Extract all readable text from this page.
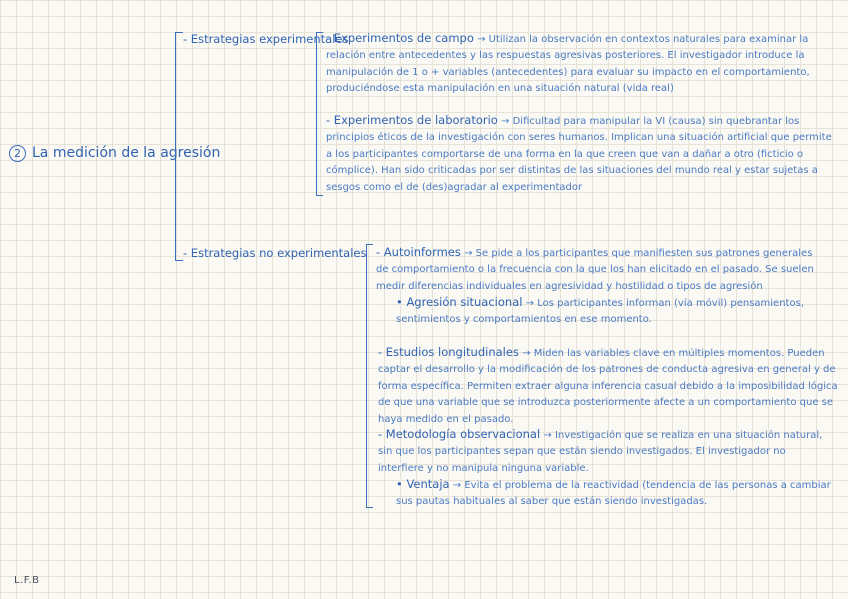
2 La medición de la agresión
- Estrategias experimentales
- Experimentos de campo → Utilizan la observación en contextos naturales para examinar la relación entre antecedentes y las respuestas agresivas posteriores. El investigador introduce la manipulación de 1 o + variables (antecedentes) para evaluar su impacto en el comportamiento, produciéndose esta manipulación en una situación natural (vida real)
- Experimentos de laboratorio → Dificultad para manipular la VI (causa) sin quebrantar los principios éticos de la investigación con seres humanos. Implican una situación artificial que permite a los participantes comportarse de una forma en la que creen que van a dañar a otro (ficticio o cómplice). Han sido criticadas por ser distintas de las situaciones del mundo real y estar sujetas a sesgos como el de (des)agradar al experimentador
- Estrategias no experimentales - Autoinformes → Se pide a los participantes que manifiesten sus patrones generales de comportamiento o la frecuencia con la que los han elicitado en el pasado. Se suelen medir diferencias individuales en agresividad y hostilidad o tipos de agresión
• Agresión situacional → Los participantes informan (vía móvil) pensamientos, sentimientos y comportamientos en ese momento.
- Estudios longitudinales → Miden las variables clave en múltiples momentos. Pueden captar el desarrollo y la modificación de los patrones de conducta agresiva en general y de forma específica. Permiten extraer alguna inferencia casual debido a la imposibilidad lógica de que una variable que se introduzca posteriormente afecte a un comportamiento que se haya medido en el pasado.
- Metodología observacional → Investigación que se realiza en una situación natural, sin que los participantes sepan que están siendo investigados. El investigador no interfiere y no manipula ninguna variable.
• Ventaja → Evita el problema de la reactividad (tendencia de las personas a cambiar sus pautas habituales al saber que están siendo investigadas.
L.F.B
